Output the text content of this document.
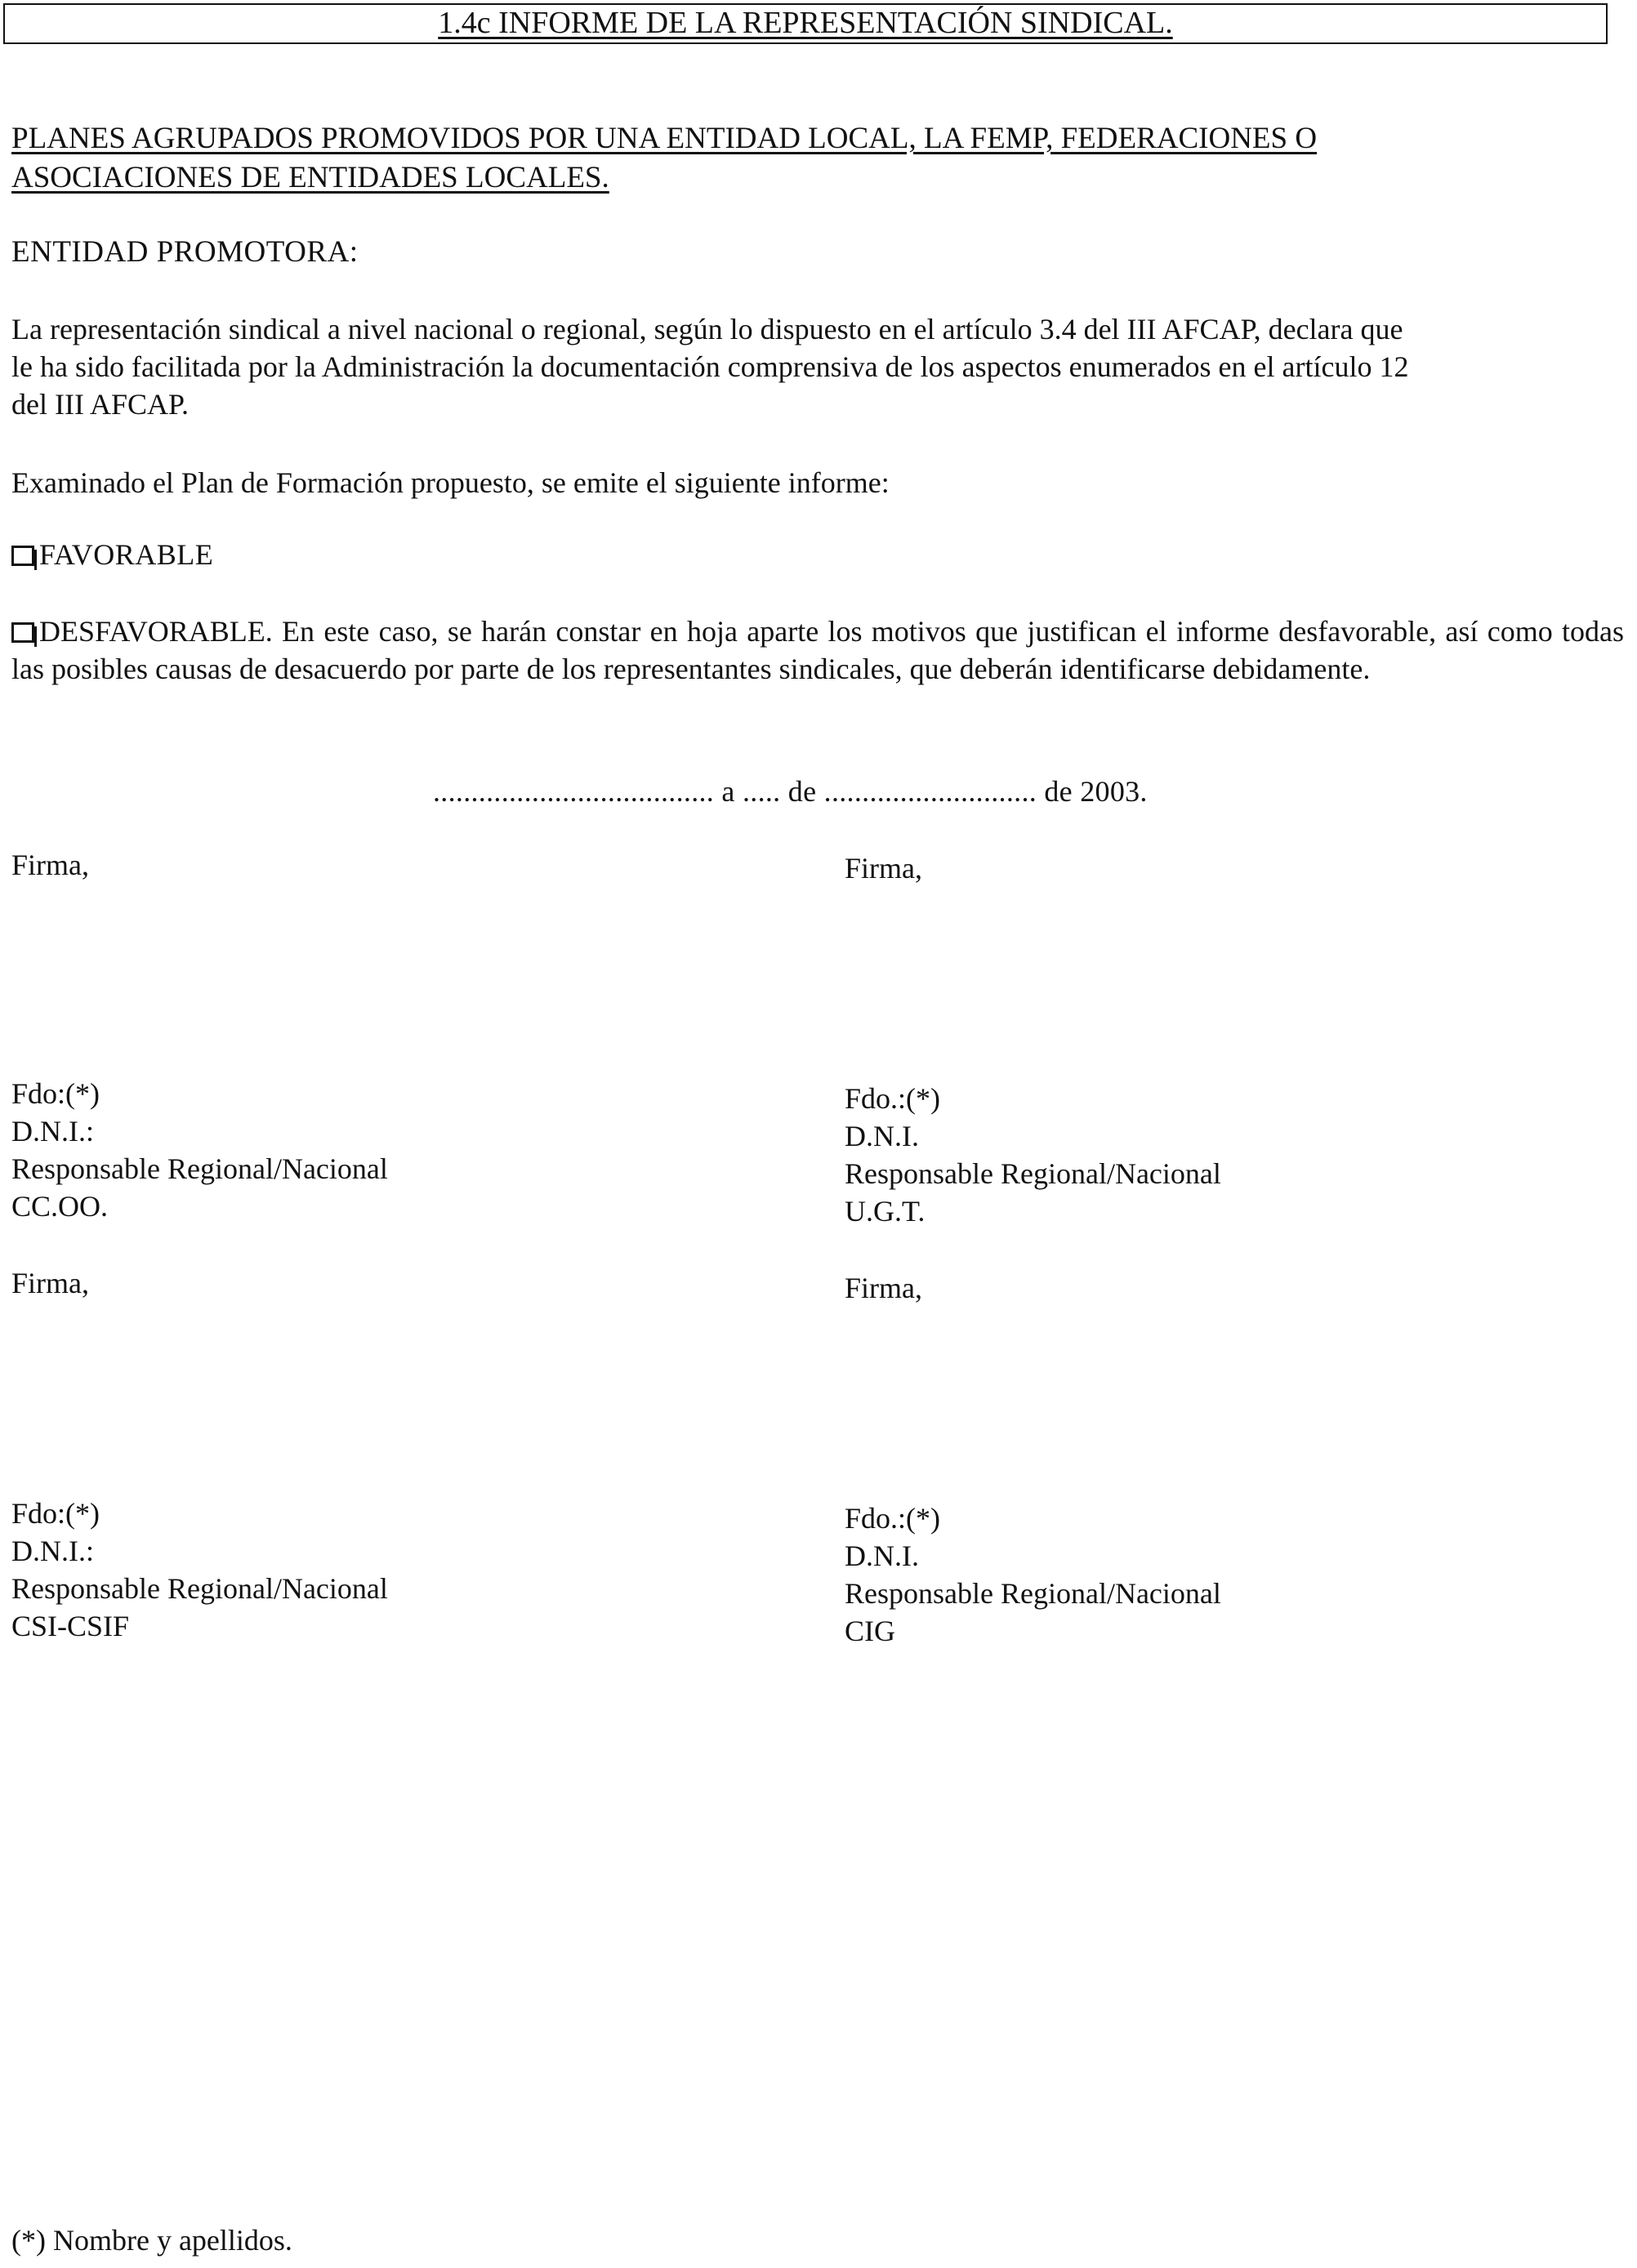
1.4c INFORME DE LA REPRESENTACIÓN SINDICAL.
PLANES AGRUPADOS PROMOVIDOS POR UNA ENTIDAD LOCAL, LA FEMP, FEDERACIONES O
ASOCIACIONES DE ENTIDADES LOCALES.
ENTIDAD PROMOTORA:
La representación sindical a nivel nacional o regional, según lo dispuesto en el artículo 3.4 del III AFCAP, declara que
le ha sido facilitada por la Administración la documentación comprensiva de los aspectos enumerados en el artículo 12
del III AFCAP.
Examinado el Plan de Formación propuesto, se emite el siguiente informe:
FAVORABLE
DESFAVORABLE. En este caso, se harán constar en hoja aparte los motivos que justifican el informe desfavorable, así como todas las posibles causas de desacuerdo por parte de los representantes sindicales, que deberán identificarse debidamente.
..................................... a ..... de ............................ de 2003.
Firma,	Firma,
Fdo:(*)
D.N.I.:
Responsable Regional/Nacional
CC.OO.
Fdo.:(*)
D.N.I.
Responsable Regional/Nacional
U.G.T.
Firma,	Firma,
Fdo:(*)
D.N.I.:
Responsable Regional/Nacional
CSI-CSIF
Fdo.:(*)
D.N.I.
Responsable Regional/Nacional
CIG
(*) Nombre y apellidos.
